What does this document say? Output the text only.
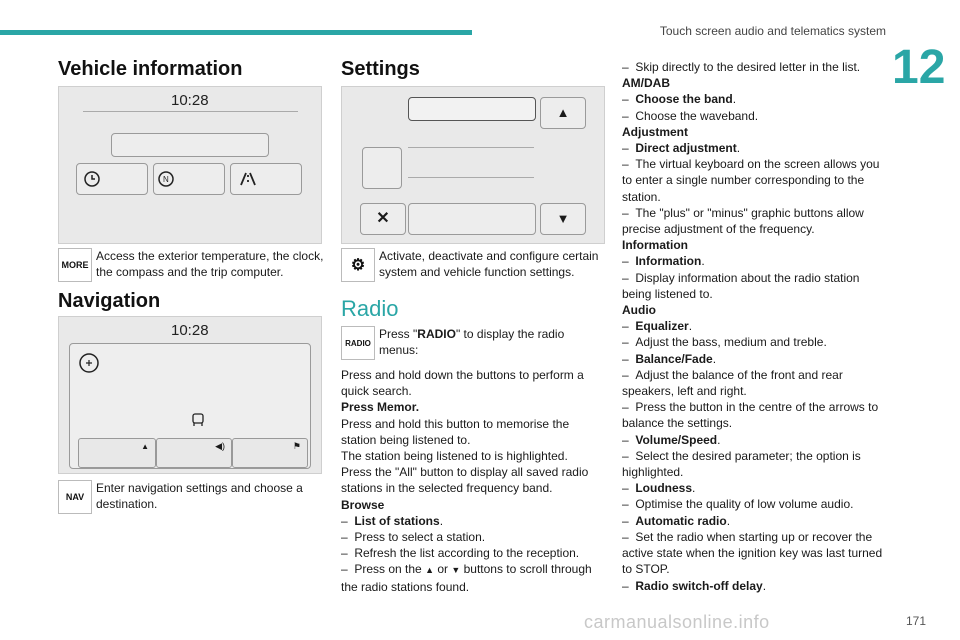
Touch screen audio and telematics system
12
Vehicle information
10:28
N
MORE
Access the exterior temperature, the clock, the compass and the trip computer.
Navigation
10:28
▲	◀)	⚑
NAV
Enter navigation settings and choose a destination.
Settings
▲
▼
✕
⚙
Activate, deactivate and configure certain system and vehicle function settings.
Radio
RADIO
Press "RADIO" to display the radio menus:

Press and hold down the buttons to perform a quick search.

Press Memor.

Press and hold this button to memorise the station being listened to.

The station being listened to is highlighted.

Press the "All" button to display all saved radio stations in the selected frequency band.

Browse

–  List of stations.

–  Press to select a station.

–  Refresh the list according to the reception.

–  Press on the ▲ or ▼ buttons to scroll through the radio stations found.

–  Skip directly to the desired letter in the list.

AM/DAB

–  Choose the band.

–  Choose the waveband.

Adjustment

–  Direct adjustment.

–  The virtual keyboard on the screen allows you to enter a single number corresponding to the station.

–  The "plus" or "minus" graphic buttons allow precise adjustment of the frequency.

Information

–  Information.

–  Display information about the radio station being listened to.

Audio

–  Equalizer.

–  Adjust the bass, medium and treble.

–  Balance/Fade.

–  Adjust the balance of the front and rear speakers, left and right.

–  Press the button in the centre of the arrows to balance the settings.

–  Volume/Speed.

–  Select the desired parameter; the option is highlighted.

–  Loudness.

–  Optimise the quality of low volume audio.

–  Automatic radio.

–  Set the radio when starting up or recover the active state when the ignition key was last turned to STOP.

–  Radio switch-off delay.

carmanualsonline.info	171
